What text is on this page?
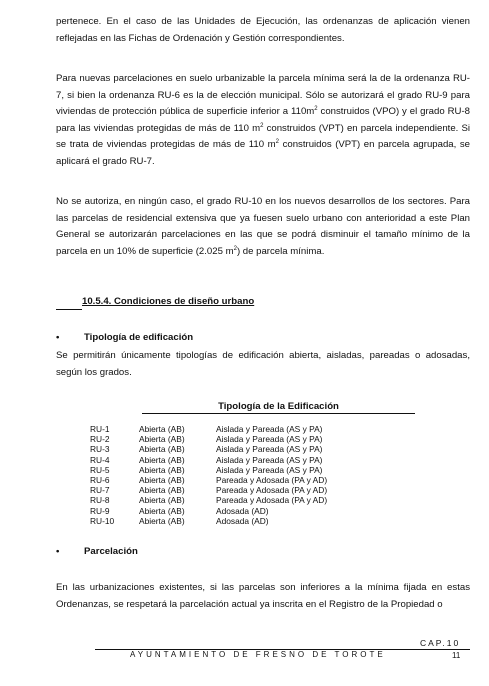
pertenece. En el caso de las Unidades de Ejecución, las ordenanzas de aplicación vienen reflejadas en las Fichas de Ordenación y Gestión correspondientes.

Para nuevas parcelaciones en suelo urbanizable la parcela mínima será la de la ordenanza RU-7, si bien la ordenanza RU-6 es la de elección municipal. Sólo se autorizará el grado RU-9 para viviendas de protección pública de superficie inferior a $110m^2$ construidos (VPO) y el grado RU-8 para las viviendas protegidas de más de 110 $m^2$ construidos (VPT) en parcela independiente. Si se trata de viviendas protegidas de más de 110 $m^2$ construidos (VPT) en parcela agrupada, se aplicará el grado RU-7.

No se autoriza, en ningún caso, el grado RU-10 en los nuevos desarrollos de los sectores. Para las parcelas de residencial extensiva que ya fuesen suelo urbano con anterioridad a este Plan General se autorizarán parcelaciones en las que se podrá disminuir el tamaño mínimo de la parcela en un 10% de superficie (2.025 $m^2$) de parcela mínima.

10.5.4. Condiciones de diseño urbano

•	Tipología de edificación

Se permitirán únicamente tipologías de edificación abierta, aisladas, pareadas o adosadas, según los grados.

Tipología de la Edificación
RU-1	Abierta (AB)	Aislada y Pareada (AS y PA)
RU-2	Abierta (AB)	Aislada y Pareada (AS y PA)
RU-3	Abierta (AB)	Aislada y Pareada (AS y PA)
RU-4	Abierta (AB)	Aislada y Pareada (AS y PA)
RU-5	Abierta (AB)	Aislada y Pareada (AS y PA)
RU-6	Abierta (AB)	Pareada y Adosada (PA y AD)
RU-7	Abierta (AB)	Pareada y Adosada (PA y AD)
RU-8	Abierta (AB)	Pareada y Adosada (PA y AD)
RU-9	Abierta (AB)	Adosada (AD)
RU-10	Abierta (AB)	Adosada (AD)
•	Parcelación

En las urbanizaciones existentes, si las parcelas son inferiores a la mínima fijada en estas Ordenanzas, se respetará la parcelación actual ya inscrita en el Registro de la Propiedad o

CAP.10
AYUNTAMIENTO DE FRESNO DE TOROTE	11
